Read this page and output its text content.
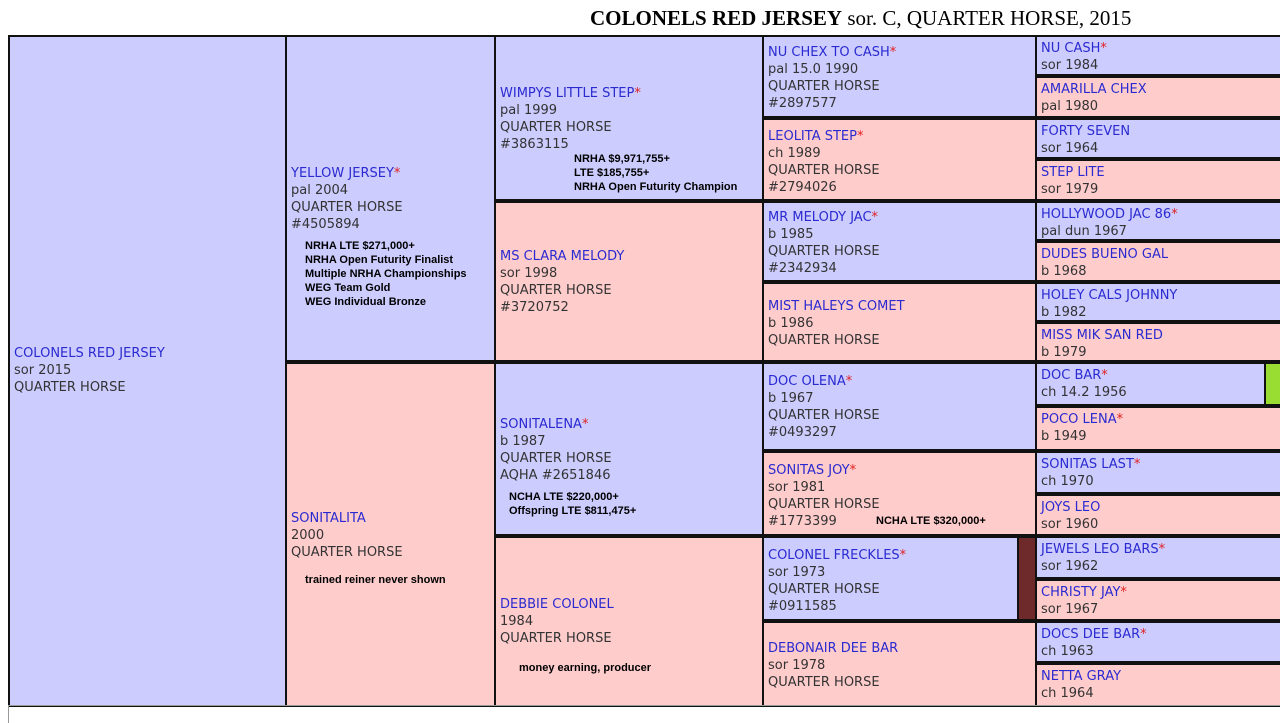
COLONELS RED JERSEY sor. C, QUARTER HORSE, 2015
COLONELS RED JERSEY
sor 2015
QUARTER HORSE
YELLOW JERSEY*
pal 2004
QUARTER HORSE
#4505894
NRHA LTE $271,000+
NRHA Open Futurity Finalist
Multiple NRHA Championships
WEG Team Gold
WEG Individual Bronze
SONITALITA
2000
QUARTER HORSE
trained reiner never shown
WIMPYS LITTLE STEP*
pal 1999
QUARTER HORSE
#3863115
NRHA $9,971,755+
LTE $185,755+
NRHA Open Futurity Champion
MS CLARA MELODY
sor 1998
QUARTER HORSE
#3720752
SONITALENA*
b 1987
QUARTER HORSE
AQHA #2651846
NCHA LTE $220,000+
Offspring LTE $811,475+
DEBBIE COLONEL
1984
QUARTER HORSE
money earning, producer
NU CHEX TO CASH*
pal 15.0 1990
QUARTER HORSE
#2897577
LEOLITA STEP*
ch 1989
QUARTER HORSE
#2794026
MR MELODY JAC*
b 1985
QUARTER HORSE
#2342934
MIST HALEYS COMET
b 1986
QUARTER HORSE
DOC OLENA*
b 1967
QUARTER HORSE
#0493297
SONITAS JOY*
sor 1981
QUARTER HORSE
#1773399	NCHA LTE $320,000+
COLONEL FRECKLES*
sor 1973
QUARTER HORSE
#0911585
DEBONAIR DEE BAR
sor 1978
QUARTER HORSE
NU CASH*
sor 1984
AMARILLA CHEX
pal 1980
FORTY SEVEN
sor 1964
STEP LITE
sor 1979
HOLLYWOOD JAC 86*
pal dun 1967
DUDES BUENO GAL
b 1968
HOLEY CALS JOHNNY
b 1982
MISS MIK SAN RED
b 1979
DOC BAR*
ch 14.2 1956
POCO LENA*
b 1949
SONITAS LAST*
ch 1970
JOYS LEO
sor 1960
JEWELS LEO BARS*
sor 1962
CHRISTY JAY*
sor 1967
DOCS DEE BAR*
ch 1963
NETTA GRAY
ch 1964
